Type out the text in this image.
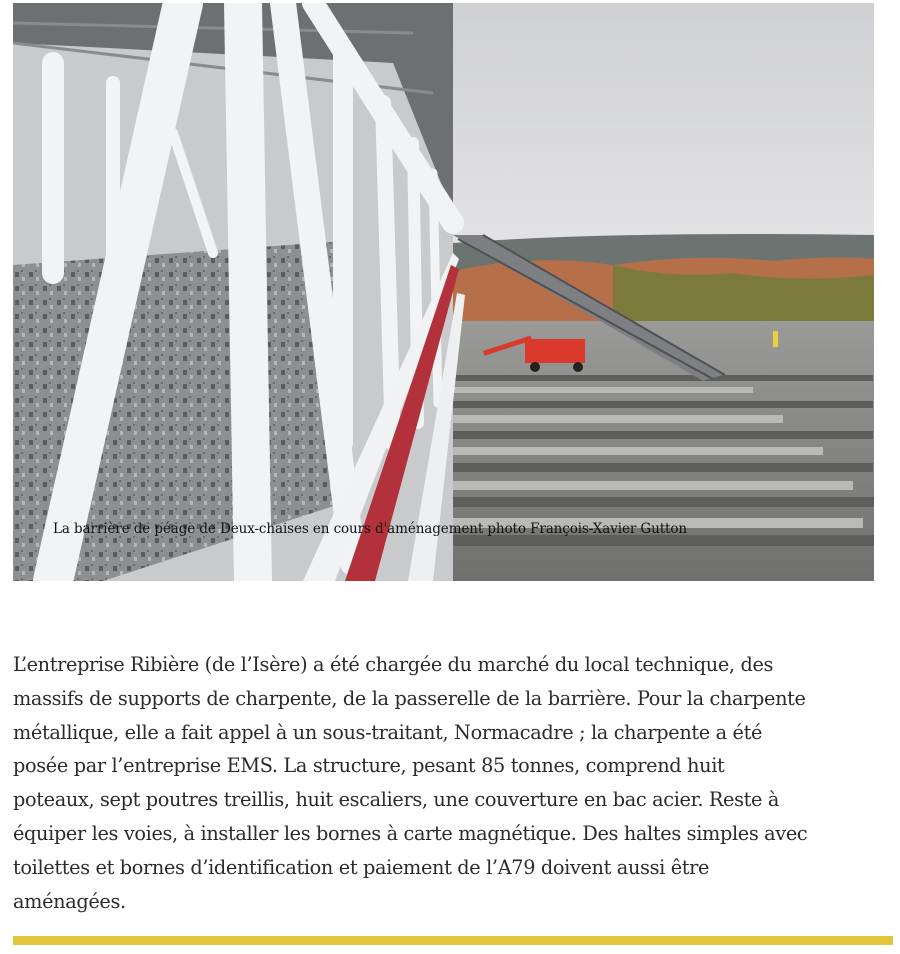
La barrière de péage de Deux-chaises en cours d'aménagement photo François-Xavier Gutton

L’entreprise Ribière (de l’Isère) a été chargée du marché du local technique, des
massifs de supports de charpente, de la passerelle de la barrière. Pour la charpente
métallique, elle a fait appel à un sous-traitant, Normacadre ; la charpente a été
posée par l’entreprise EMS. La structure, pesant 85 tonnes, comprend huit
poteaux, sept poutres treillis, huit escaliers, une couverture en bac acier. Reste à
équiper les voies, à installer les bornes à carte magnétique. Des haltes simples avec
toilettes et bornes d’identification et paiement de l’A79 doivent aussi être
aménagées.
